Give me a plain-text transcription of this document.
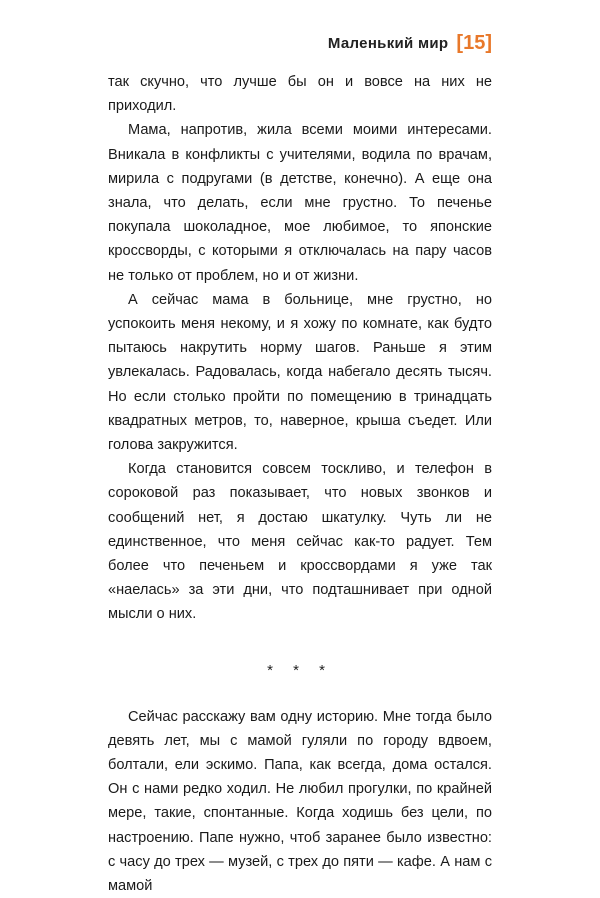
Маленький мир [ 15 ]

так скучно, что лучше бы он и вовсе на них не приходил.

Мама, напротив, жила всеми моими интересами. Вникала в конфликты с учителями, водила по врачам, мирила с подругами (в детстве, конечно). А еще она знала, что делать, если мне грустно. То печенье покупала шоколадное, мое любимое, то японские кроссворды, с которыми я отключалась на пару часов не только от проблем, но и от жизни.

А сейчас мама в больнице, мне грустно, но успокоить меня некому, и я хожу по комнате, как будто пытаюсь накрутить норму шагов. Раньше я этим увлекалась. Радовалась, когда набегало десять тысяч. Но если столько пройти по помещению в тринадцать квадратных метров, то, наверное, крыша съедет. Или голова закружится.

Когда становится совсем тоскливо, и телефон в сороковой раз показывает, что новых звонков и сообщений нет, я достаю шкатулку. Чуть ли не единственное, что меня сейчас как-то радует. Тем более что печеньем и кроссвордами я уже так «наелась» за эти дни, что подташнивает при одной мысли о них.

* * *

Сейчас расскажу вам одну историю. Мне тогда было девять лет, мы с мамой гуляли по городу вдвоем, болтали, ели эскимо. Папа, как всегда, дома остался. Он с нами редко ходил. Не любил прогулки, по крайней мере, такие, спонтанные. Когда ходишь без цели, по настроению. Папе нужно, чтоб заранее было известно: с часу до трех — музей, с трех до пяти — кафе. А нам с мамой
